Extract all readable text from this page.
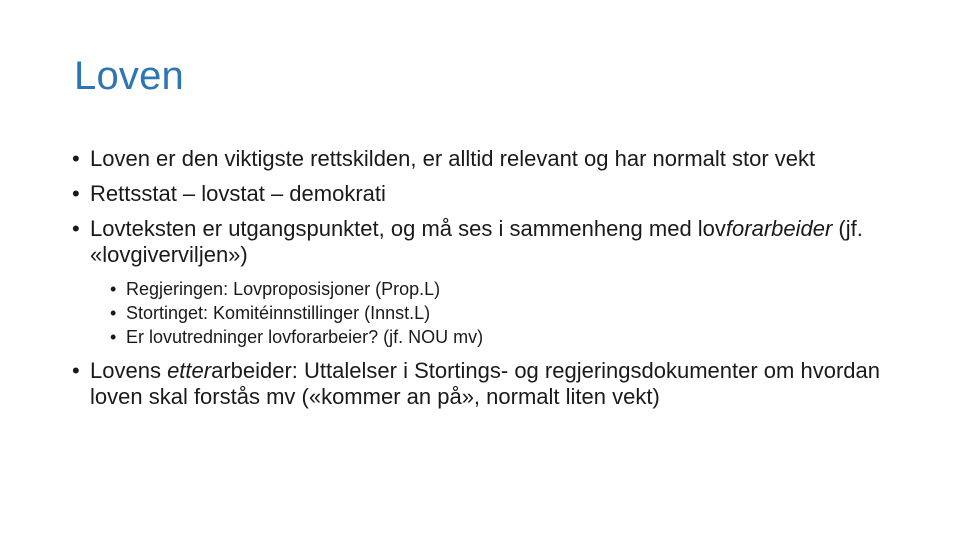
Loven
• Loven er den viktigste rettskilden, er alltid relevant og har normalt stor vekt
• Rettsstat – lovstat – demokrati
• Lovteksten er utgangspunktet, og må ses i sammenheng med lovforarbeider (jf. «lovgiverviljen»)
• Regjeringen: Lovproposisjoner (Prop.L)
• Stortinget: Komitéinnstillinger (Innst.L)
• Er lovutredninger lovforarbeier? (jf. NOU mv)
• Lovens etterarbeider: Uttalelser i Stortings- og regjeringsdokumenter om hvordan loven skal forstås mv («kommer an på», normalt liten vekt)
